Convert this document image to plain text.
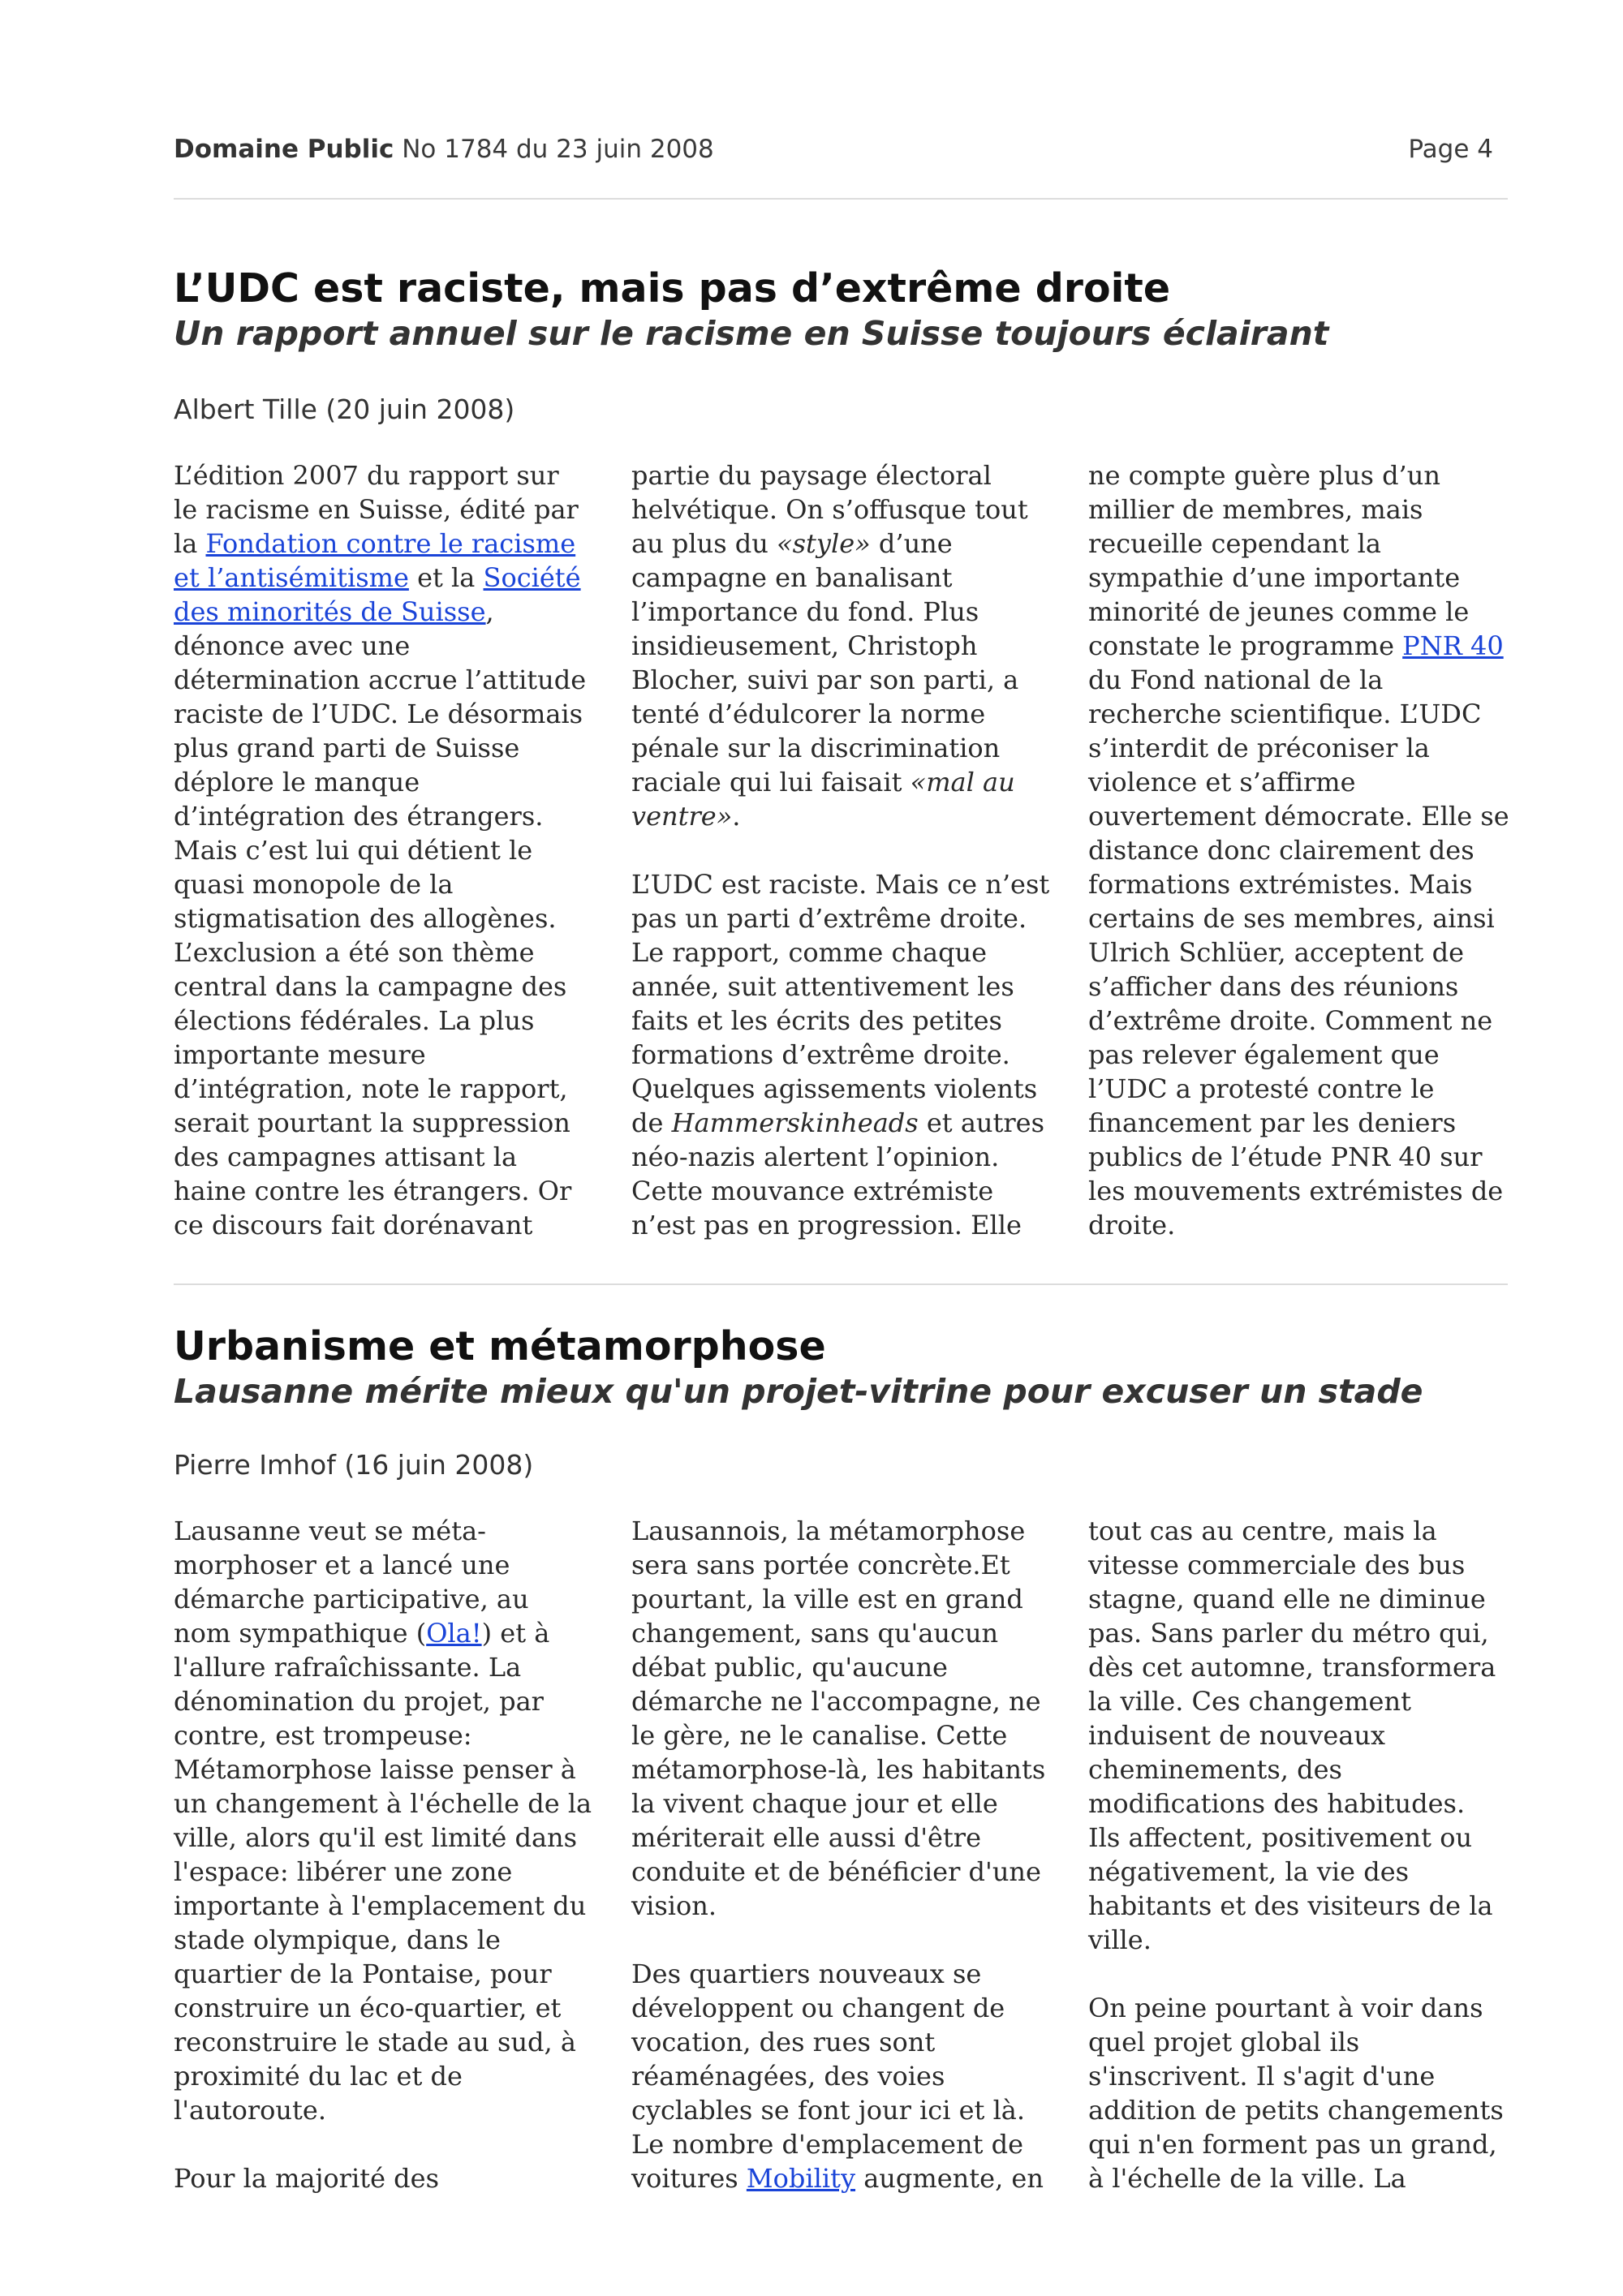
Domaine Public No 1784 du 23 juin 2008	Page 4
L’UDC est raciste, mais pas d’extrême droite
Un rapport annuel sur le racisme en Suisse toujours éclairant

Albert Tille (20 juin 2008)

L’édition 2007 du rapport sur
le racisme en Suisse, édité par
la Fondation contre le racisme
et l’antisémitisme et la Société
des minorités de Suisse,
dénonce avec une
détermination accrue l’attitude
raciste de l’UDC. Le désormais
plus grand parti de Suisse
déplore le manque
d’intégration des étrangers.
Mais c’est lui qui détient le
quasi monopole de la
stigmatisation des allogènes.
L’exclusion a été son thème
central dans la campagne des
élections fédérales. La plus
importante mesure
d’intégration, note le rapport,
serait pourtant la suppression
des campagnes attisant la
haine contre les étrangers. Or
ce discours fait dorénavant

partie du paysage électoral
helvétique. On s’offusque tout
au plus du «style» d’une
campagne en banalisant
l’importance du fond. Plus
insidieusement, Christoph
Blocher, suivi par son parti, a
tenté d’édulcorer la norme
pénale sur la discrimination
raciale qui lui faisait «mal au
ventre».

L’UDC est raciste. Mais ce n’est
pas un parti d’extrême droite.
Le rapport, comme chaque
année, suit attentivement les
faits et les écrits des petites
formations d’extrême droite.
Quelques agissements violents
de Hammerskinheads et autres
néo-nazis alertent l’opinion.
Cette mouvance extrémiste
n’est pas en progression. Elle

ne compte guère plus d’un
millier de membres, mais
recueille cependant la
sympathie d’une importante
minorité de jeunes comme le
constate le programme PNR 40
du Fond national de la
recherche scientifique. L’UDC
s’interdit de préconiser la
violence et s’affirme
ouvertement démocrate. Elle se
distance donc clairement des
formations extrémistes. Mais
certains de ses membres, ainsi
Ulrich Schlüer, acceptent de
s’afficher dans des réunions
d’extrême droite. Comment ne
pas relever également que
l’UDC a protesté contre le
financement par les deniers
publics de l’étude PNR 40 sur
les mouvements extrémistes de
droite.

Urbanisme et métamorphose
Lausanne mérite mieux qu'un projet-vitrine pour excuser un stade

Pierre Imhof (16 juin 2008)

Lausanne veut se méta-
morphoser et a lancé une
démarche participative, au
nom sympathique (Ola!) et à
l'allure rafraîchissante. La
dénomination du projet, par
contre, est trompeuse:
Métamorphose laisse penser à
un changement à l'échelle de la
ville, alors qu'il est limité dans
l'espace: libérer une zone
importante à l'emplacement du
stade olympique, dans le
quartier de la Pontaise, pour
construire un éco-quartier, et
reconstruire le stade au sud, à
proximité du lac et de
l'autoroute.

Pour la majorité des

Lausannois, la métamorphose
sera sans portée concrète.Et
pourtant, la ville est en grand
changement, sans qu'aucun
débat public, qu'aucune
démarche ne l'accompagne, ne
le gère, ne le canalise. Cette
métamorphose-là, les habitants
la vivent chaque jour et elle
mériterait elle aussi d'être
conduite et de bénéficier d'une
vision.

Des quartiers nouveaux se
développent ou changent de
vocation, des rues sont
réaménagées, des voies
cyclables se font jour ici et là.
Le nombre d'emplacement de
voitures Mobility augmente, en

tout cas au centre, mais la
vitesse commerciale des bus
stagne, quand elle ne diminue
pas. Sans parler du métro qui,
dès cet automne, transformera
la ville. Ces changement
induisent de nouveaux
cheminements, des
modifications des habitudes.
Ils affectent, positivement ou
négativement, la vie des
habitants et des visiteurs de la
ville.

On peine pourtant à voir dans
quel projet global ils
s'inscrivent. Il s'agit d'une
addition de petits changements
qui n'en forment pas un grand,
à l'échelle de la ville. La
